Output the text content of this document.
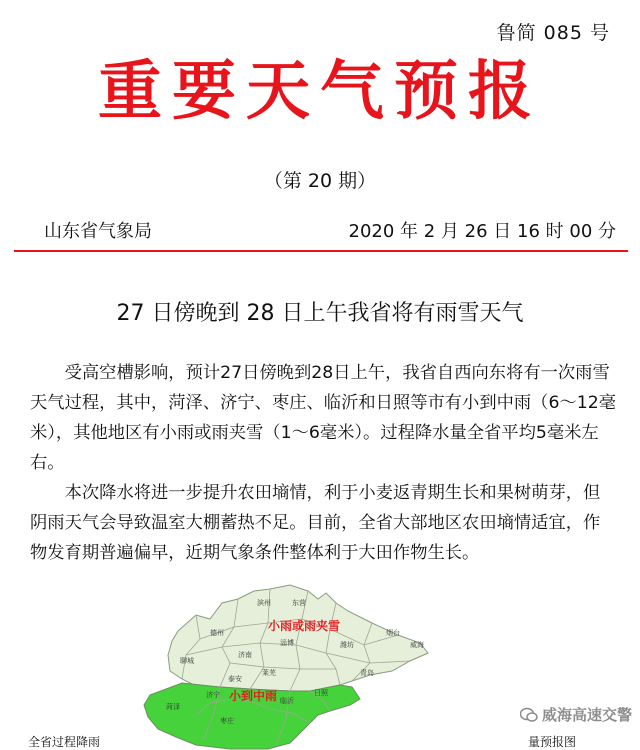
鲁简 085 号
重要天气预报
（第 20 期）
山东省气象局	2020 年 2 月 26 日 16 时 00 分
27 日傍晚到 28 日上午我省将有雨雪天气

受高空槽影响，预计27日傍晚到28日上午，我省自西向东将有一次雨雪天气过程，其中，菏泽、济宁、枣庄、临沂和日照等市有小到中雨（6～12毫米），其他地区有小雨或雨夹雪（1～6毫米）。过程降水量全省平均5毫米左右。

本次降水将进一步提升农田墒情，利于小麦返青期生长和果树萌芽，但阴雨天气会导致温室大棚蓄热不足。目前，全省大部地区农田墒情适宜，作物发育期普遍偏早，近期气象条件整体利于大田作物生长。

滨州	东营
德州	烟台
威海
潍坊
济南
淄博
聊城
泰安
青岛
莱芜
菏泽
济宁
临沂
日照
枣庄
小雨或雨夹雪
小到中雨
威海高速交警
全省过程降雨	量预报图
